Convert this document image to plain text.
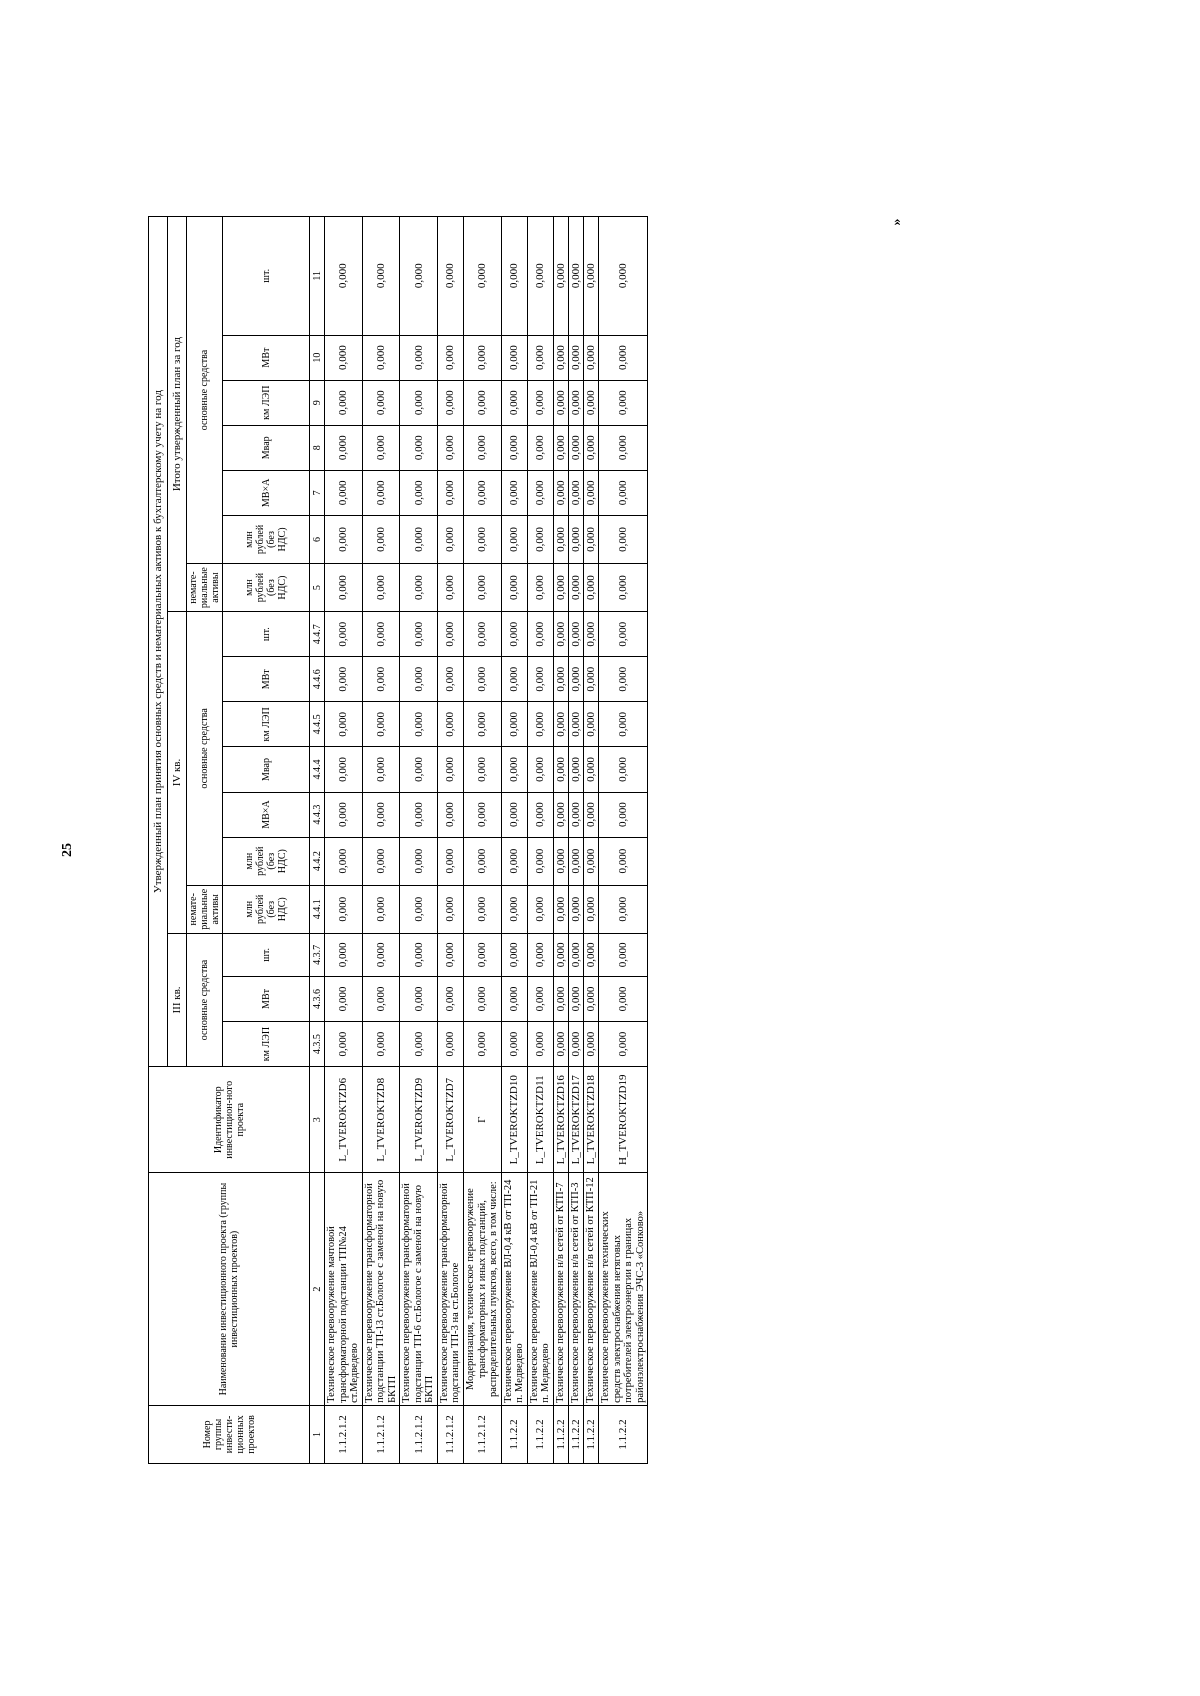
25
»
Номер группы инвести-ционных проектов	Наименование инвестиционного проекта (группы инвестиционных проектов)	Идентификатор инвестицион-ного проекта	Утвержденный план принятия основных средств и нематериальных активов к бухгалтерскому учету на год																
			III кв.			IV кв.							Итого утвержденный план за год						
			основные средства			нематериальные активы	основные средства						нематериальные активы	основные средства					
			км ЛЭП	МВт	шт.	млн рублей (без НДС)	млн рублей (без НДС)	МВ×А	Мвар	км ЛЭП	МВт	шт.	млн рублей (без НДС)	млн рублей (без НДС)	МВ×А	Мвар	км ЛЭП	МВт	шт.
1	2	3	4.3.5	4.3.6	4.3.7	4.4.1	4.4.2	4.4.3	4.4.4	4.4.5	4.4.6	4.4.7	5	6	7	8	9	10	11
1.1.2.1.2	Техническое перевооружение мачтовой трансформаторной подстанции ТП№24 ст.Медведево	L_TVEROKTZD6	0,000	0,000	0,000	0,000	0,000	0,000	0,000	0,000	0,000	0,000	0,000	0,000	0,000	0,000	0,000	0,000	0,000
1.1.2.1.2	Техническое перевооружение трансформаторной подстанции ТП-13 ст.Бологое с заменой на новую БКТП	L_TVEROKTZD8	0,000	0,000	0,000	0,000	0,000	0,000	0,000	0,000	0,000	0,000	0,000	0,000	0,000	0,000	0,000	0,000	0,000
1.1.2.1.2	Техническое перевооружение трансформаторной подстанции ТП-6 ст.Бологое с заменой на новую БКТП	L_TVEROKTZD9	0,000	0,000	0,000	0,000	0,000	0,000	0,000	0,000	0,000	0,000	0,000	0,000	0,000	0,000	0,000	0,000	0,000
1.1.2.1.2	Техническое перевооружение трансформаторной подстанции ТП-3 на ст.Бологое	L_TVEROKTZD7	0,000	0,000	0,000	0,000	0,000	0,000	0,000	0,000	0,000	0,000	0,000	0,000	0,000	0,000	0,000	0,000	0,000
1.1.2.1.2	Модернизация, техническое перевооружение трансформаторных и иных подстанций, распределительных пунктов, всего, в том числе:	Г	0,000	0,000	0,000	0,000	0,000	0,000	0,000	0,000	0,000	0,000	0,000	0,000	0,000	0,000	0,000	0,000	0,000
1.1.2.2	Техническое перевооружение ВЛ-0,4 кВ от ТП-24 п. Медведево	L_TVEROKTZD10	0,000	0,000	0,000	0,000	0,000	0,000	0,000	0,000	0,000	0,000	0,000	0,000	0,000	0,000	0,000	0,000	0,000
1.1.2.2	Техническое перевооружение ВЛ-0,4 кВ от ТП-21 п. Медведево	L_TVEROKTZD11	0,000	0,000	0,000	0,000	0,000	0,000	0,000	0,000	0,000	0,000	0,000	0,000	0,000	0,000	0,000	0,000	0,000
1.1.2.2	Техническое перевооружение н/в сетей от КТП-7	L_TVEROKTZD16	0,000	0,000	0,000	0,000	0,000	0,000	0,000	0,000	0,000	0,000	0,000	0,000	0,000	0,000	0,000	0,000	0,000
1.1.2.2	Техническое перевооружение н/в сетей от КТП-3	L_TVEROKTZD17	0,000	0,000	0,000	0,000	0,000	0,000	0,000	0,000	0,000	0,000	0,000	0,000	0,000	0,000	0,000	0,000	0,000
1.1.2.2	Техническое перевооружение н/в сетей от КТП-12	L_TVEROKTZD18	0,000	0,000	0,000	0,000	0,000	0,000	0,000	0,000	0,000	0,000	0,000	0,000	0,000	0,000	0,000	0,000	0,000
1.1.2.2	Техническое перевооружение технических средств электроснабжения нетяговых потребителей электроэнергии в границах районэлектроснабжения ЭЧС-3 «Сонково»	H_TVEROKTZD19	0,000	0,000	0,000	0,000	0,000	0,000	0,000	0,000	0,000	0,000	0,000	0,000	0,000	0,000	0,000	0,000	0,000
